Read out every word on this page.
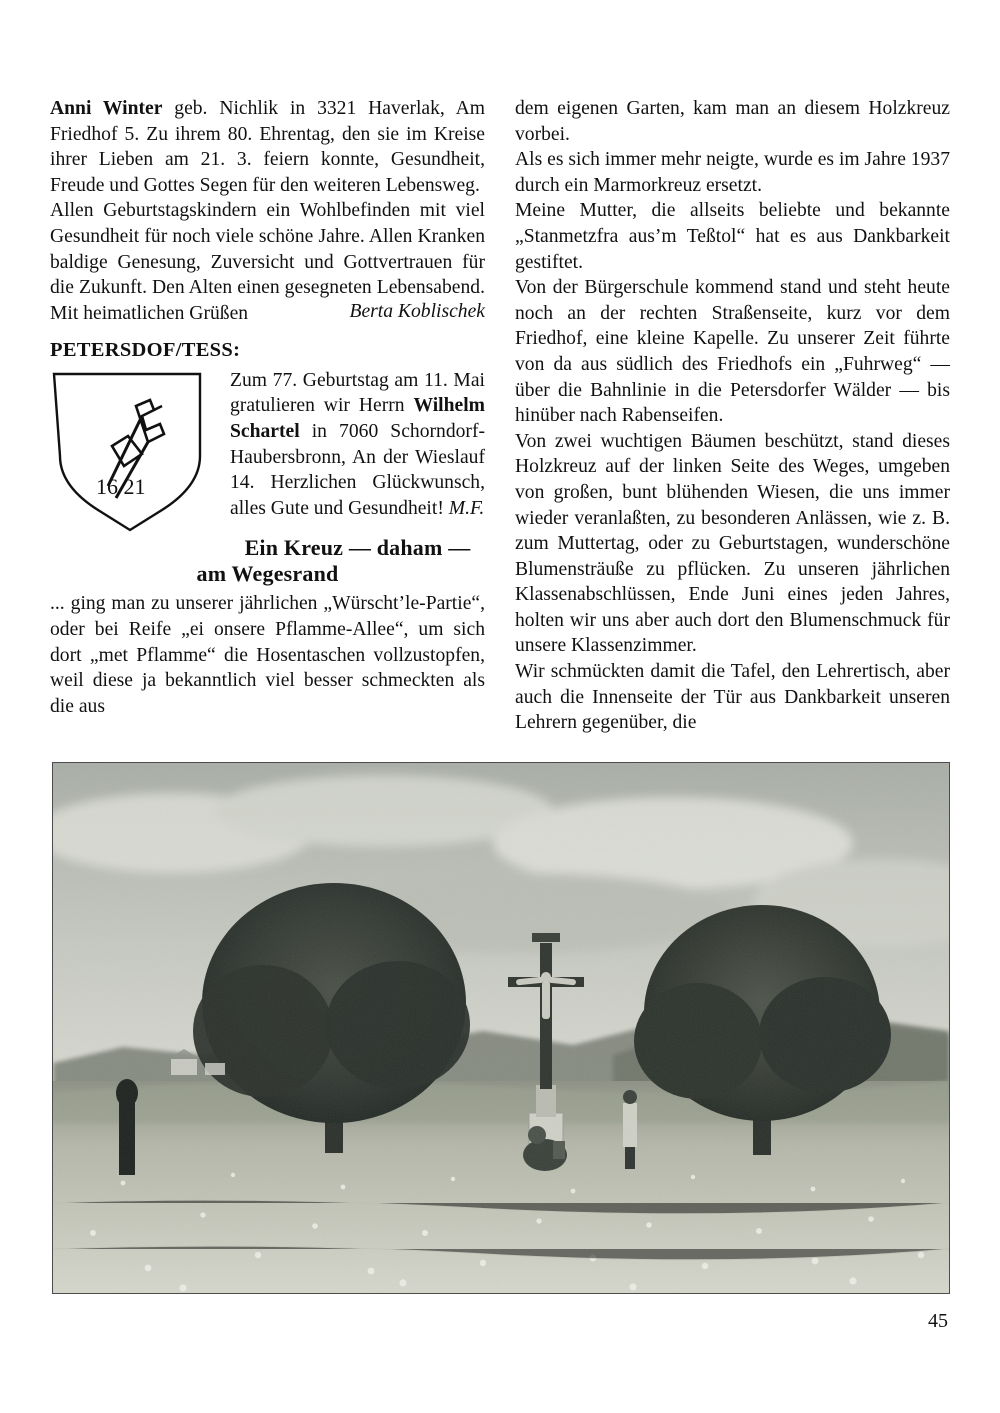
Anni Winter geb. Nichlik in 3321 Haverlak, Am Friedhof 5. Zu ihrem 80. Ehrentag, den sie im Kreise ihrer Lieben am 21. 3. feiern konnte, Gesundheit, Freude und Gottes Segen für den weiteren Lebensweg.

Allen Geburtstagskindern ein Wohlbefinden mit viel Gesundheit für noch viele schöne Jahre. Allen Kranken baldige Genesung, Zuversicht und Gottvertrauen für die Zukunft. Den Alten einen gesegneten Lebensabend. Mit heimatlichen Grüßen	Berta Koblischek
PETERSDOF/TESS:
16 21

Zum 77. Geburtstag am 11. Mai gratulieren wir Herrn Wilhelm Schartel in 7060 Schorndorf-Haubersbronn, An der Wieslauf 14. Herzlichen Glückwunsch, alles Gute und Gesundheit! M.F.

Ein Kreuz — daham — am Wegesrand

... ging man zu unserer jährlichen „Würscht’le-Partie“, oder bei Reife „ei onsere Pflamme-Allee“, um sich dort „met Pflamme“ die Hosentaschen vollzustopfen, weil diese ja bekanntlich viel besser schmeckten als die aus

dem eigenen Garten, kam man an diesem Holzkreuz vorbei.

Als es sich immer mehr neigte, wurde es im Jahre 1937 durch ein Marmorkreuz ersetzt.

Meine Mutter, die allseits beliebte und bekannte „Stanmetzfra aus’m Teßtol“ hat es aus Dankbarkeit gestiftet.

Von der Bürgerschule kommend stand und steht heute noch an der rechten Straßenseite, kurz vor dem Friedhof, eine kleine Kapelle. Zu unserer Zeit führte von da aus südlich des Friedhofs ein „Fuhrweg“ — über die Bahnlinie in die Petersdorfer Wälder — bis hinüber nach Rabenseifen.

Von zwei wuchtigen Bäumen beschützt, stand dieses Holzkreuz auf der linken Seite des Weges, umgeben von großen, bunt blühenden Wiesen, die uns immer wieder veranlaßten, zu besonderen Anlässen, wie z. B. zum Muttertag, oder zu Geburtstagen, wunderschöne Blumensträuße zu pflücken. Zu unseren jährlichen Klassenabschlüssen, Ende Juni eines jeden Jahres, holten wir uns aber auch dort den Blumenschmuck für unsere Klassenzimmer.

Wir schmückten damit die Tafel, den Lehrertisch, aber auch die Innenseite der Tür aus Dankbarkeit unseren Lehrern gegenüber, die

45
